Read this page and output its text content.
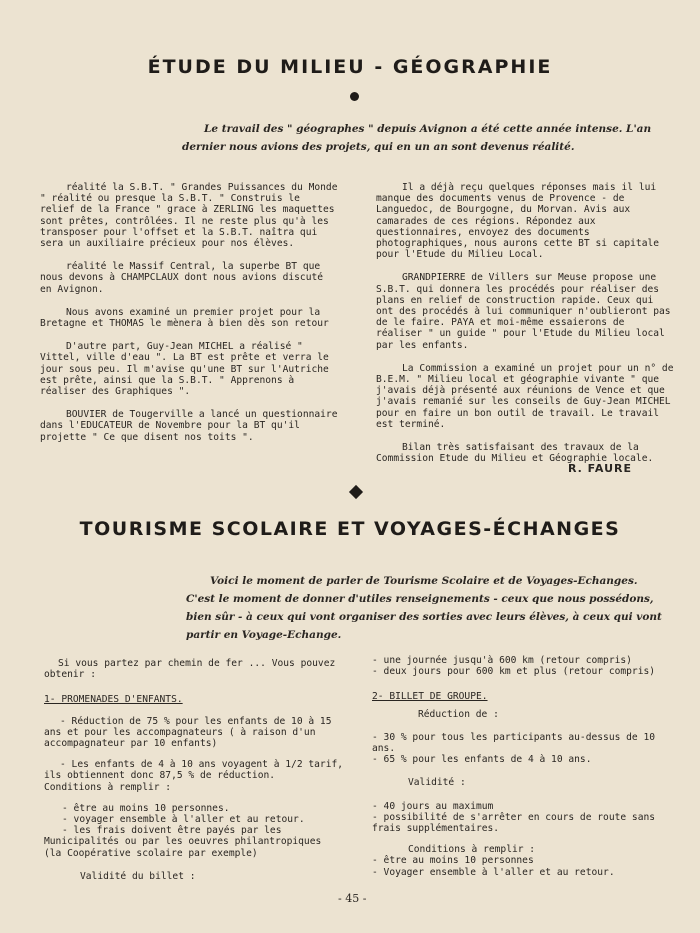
ÉTUDE DU MILIEU - GÉOGRAPHIE
Le travail des " géographes " depuis Avignon a été cette année intense. L'an dernier nous avions des projets, qui en un an sont devenus réalité.

réalité la S.B.T. " Grandes Puissances du Monde " réalité ou presque la S.B.T. " Construis le relief de la France " grace à ZERLING les maquettes sont prêtes, contrôlées. Il ne reste plus qu'à les transposer pour l'offset et la S.B.T. naîtra qui sera un auxiliaire précieux pour nos élèves.

réalité le Massif Central, la superbe BT que nous devons à CHAMPCLAUX dont nous avions discuté en Avignon.

Nous avons examiné un premier projet pour la Bretagne et THOMAS le mènera à bien dès son retour

D'autre part, Guy-Jean MICHEL a réalisé " Vittel, ville d'eau ". La BT est prête et verra le jour sous peu. Il m'avise qu'une BT sur l'Autriche est prête, ainsi que la S.B.T. " Apprenons à réaliser des Graphiques ".

BOUVIER de Tougerville a lancé un questionnaire dans l'EDUCATEUR de Novembre pour la BT qu'il projette " Ce que disent nos toits ".

Il a déjà reçu quelques réponses mais il lui manque des documents venus de Provence - de Languedoc, de Bourgogne, du Morvan. Avis aux camarades de ces régions. Répondez aux questionnaires, envoyez des documents photographiques, nous aurons cette BT si capitale pour l'Etude du Milieu Local.

GRANDPIERRE de Villers sur Meuse propose une S.B.T. qui donnera les procédés pour réaliser des plans en relief de construction rapide. Ceux qui ont des procédés à lui communiquer n'oublieront pas de le faire. PAYA et moi-même essaierons de réaliser " un guide " pour l'Etude du Milieu local par les enfants.

La Commission a examiné un projet pour un n° de B.E.M. " Milieu local et géographie vivante " que j'avais déjà présenté aux réunions de Vence et que j'avais remanié sur les conseils de Guy-Jean MICHEL pour en faire un bon outil de travail. Le travail est terminé.

Bilan très satisfaisant des travaux de la Commission Etude du Milieu et Géographie locale.

R. FAURE
TOURISME SCOLAIRE ET VOYAGES-ÉCHANGES
Voici le moment de parler de Tourisme Scolaire et de Voyages-Echanges. C'est le moment de donner d'utiles renseignements - ceux que nous possédons, bien sûr - à ceux qui vont organiser des sorties avec leurs élèves, à ceux qui vont partir en Voyage-Echange.
Si vous partez par chemin de fer ... Vous pouvez obtenir :
1- PROMENADES D'ENFANTS.
- Réduction de 75 % pour les enfants de 10 à 15 ans et pour les accompagnateurs ( à raison d'un accompagnateur par 10 enfants)
- Les enfants de 4 à 10 ans voyagent à 1/2 tarif, ils obtiennent donc 87,5 % de réduction.
Conditions à remplir :
- être au moins 10 personnes.
- voyager ensemble à l'aller et au retour.
- les frais doivent être payés par les Municipalités ou par les oeuvres philantropiques (la Coopérative scolaire par exemple)
Validité du billet :
- une journée jusqu'à 600 km (retour compris)
- deux jours pour 600 km et plus (retour compris)
2- BILLET DE GROUPE.
Réduction de :
- 30 % pour tous les participants au-dessus de 10 ans.
- 65 % pour les enfants de 4 à 10 ans.
Validité :
- 40 jours au maximum
- possibilité de s'arrêter en cours de route sans frais supplémentaires.
Conditions à remplir :
- être au moins 10 personnes
- Voyager ensemble à l'aller et au retour.
- 45 -
